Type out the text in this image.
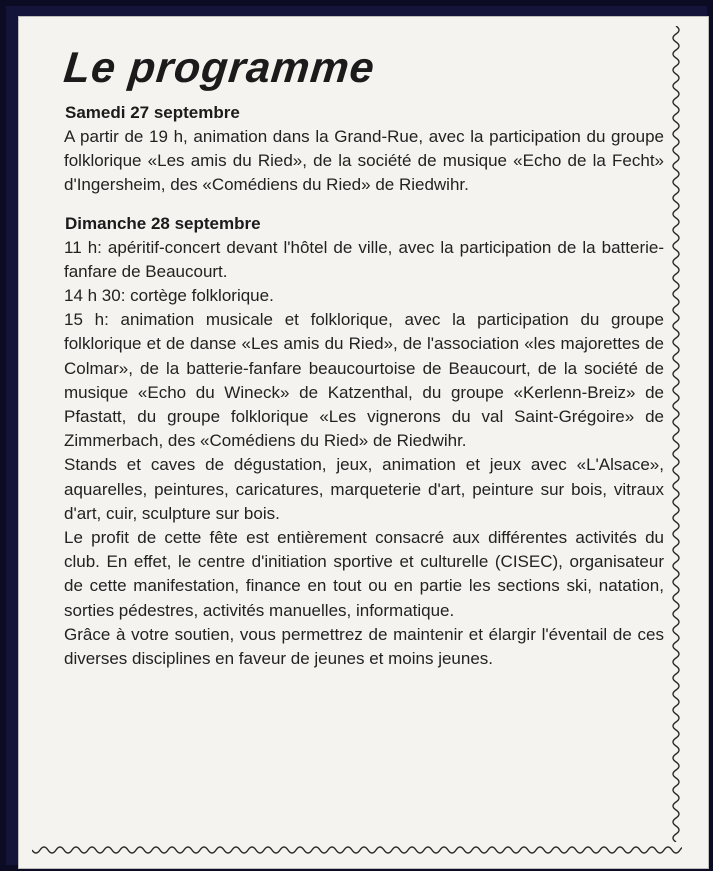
Le programme
Samedi 27 septembre

A partir de 19 h, animation dans la Grand-Rue, avec la participation du groupe folklorique «Les amis du Ried», de la société de musique «Echo de la Fecht» d'Ingersheim, des «Comédiens du Ried» de Riedwihr.

Dimanche 28 septembre

11 h: apéritif-concert devant l'hôtel de ville, avec la participation de la batterie-fanfare de Beaucourt.

14 h 30: cortège folklorique.

15 h: animation musicale et folklorique, avec la participation du groupe folklorique et de danse «Les amis du Ried», de l'association «les majorettes de Colmar», de la batterie-fanfare beaucourtoise de Beaucourt, de la société de musique «Echo du Wineck» de Katzenthal, du groupe «Kerlenn-Breiz» de Pfastatt, du groupe folklorique «Les vignerons du val Saint-Grégoire» de Zimmerbach, des «Comédiens du Ried» de Riedwihr.

Stands et caves de dégustation, jeux, animation et jeux avec «L'Alsace», aquarelles, peintures, caricatures, marqueterie d'art, peinture sur bois, vitraux d'art, cuir, sculpture sur bois.

Le profit de cette fête est entièrement consacré aux différentes activités du club. En effet, le centre d'initiation sportive et culturelle (CISEC), organisateur de cette manifestation, finance en tout ou en partie les sections ski, natation, sorties pédestres, activités manuelles, informatique.

Grâce à votre soutien, vous permettrez de maintenir et élargir l'éventail de ces diverses disciplines en faveur de jeunes et moins jeunes.
